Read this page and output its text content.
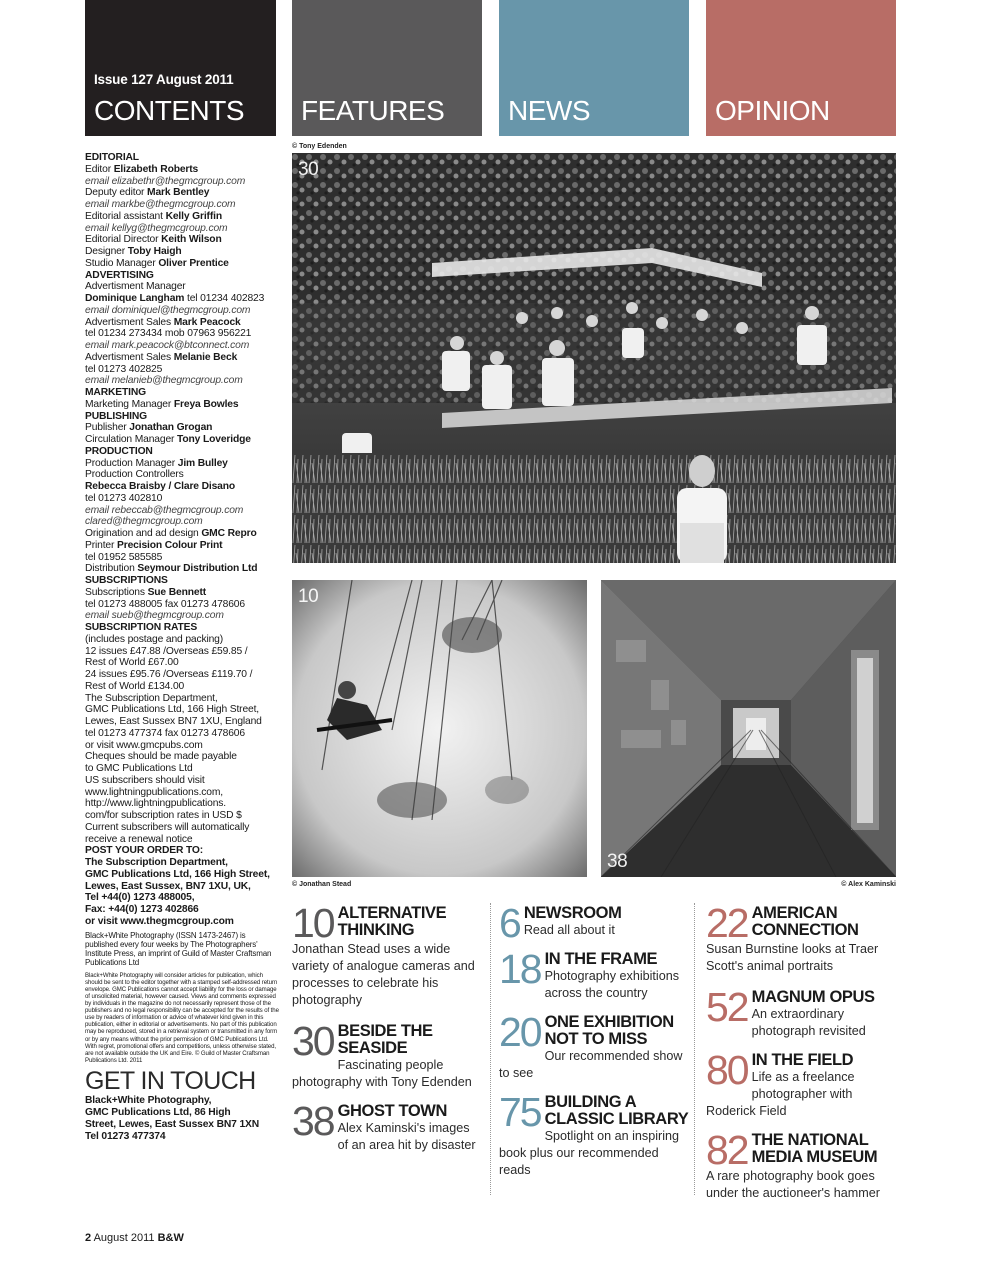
Issue 127 August 2011
CONTENTS FEATURES NEWS	OPINION
EDITORIAL
Editor Elizabeth Roberts
email elizabethr@thegmcgroup.com
Deputy editor Mark Bentley
email markbe@thegmcgroup.com
Editorial assistant Kelly Griffin
email kellyg@thegmcgroup.com
Editorial Director Keith Wilson
Designer Toby Haigh
Studio Manager Oliver Prentice
ADVERTISING
Advertisment Manager
Dominique Langham tel 01234 402823
email dominiquel@thegmcgroup.com
Advertisment Sales Mark Peacock
tel 01234 273434 mob 07963 956221
email mark.peacock@btconnect.com
Advertisment Sales Melanie Beck
tel 01273 402825
email melanieb@thegmcgroup.com
MARKETING
Marketing Manager Freya Bowles
PUBLISHING
Publisher Jonathan Grogan
Circulation Manager Tony Loveridge
PRODUCTION
Production Manager Jim Bulley
Production Controllers
Rebecca Braisby / Clare Disano
tel 01273 402810
email rebeccab@thegmcgroup.com
clared@thegmcgroup.com
Origination and ad design GMC Repro
Printer Precision Colour Print
tel 01952 585585
Distribution Seymour Distribution Ltd
SUBSCRIPTIONS
Subscriptions Sue Bennett
tel 01273 488005 fax 01273 478606
email sueb@thegmcgroup.com
SUBSCRIPTION RATES
(includes postage and packing)
12 issues £47.88 /Overseas £59.85 /
Rest of World £67.00
24 issues £95.76 /Overseas £119.70 /
Rest of World £134.00
The Subscription Department,
GMC Publications Ltd, 166 High Street,
Lewes, East Sussex BN7 1XU, England
tel 01273 477374 fax 01273 478606
or visit www.gmcpubs.com
Cheques should be made payable
to GMC Publications Ltd
US subscribers should visit
www.lightningpublications.com,
http://www.lightningpublications.
com/for subscription rates in USD $
Current subscribers will automatically
receive a renewal notice
POST YOUR ORDER TO:
The Subscription Department,
GMC Publications Ltd, 166 High Street,
Lewes, East Sussex, BN7 1XU, UK,
Tel +44(0) 1273 488005,
Fax: +44(0) 1273 402866
or visit www.thegmcgroup.com
Black+White Photography (ISSN 1473-2467) is published every four weeks by The Photographers' Institute Press, an imprint of Guild of Master Craftsman Publications Ltd
Black+White Photography will consider articles for publication, which should be sent to the editor together with a stamped self-addressed return envelope. GMC Publications cannot accept liability for the loss or damage of unsolicited material, however caused. Views and comments expressed by individuals in the magazine do not necessarily represent those of the publishers and no legal responsibility can be accepted for the results of the use by readers of information or advice of whatever kind given in this publication, either in editorial or advertisements. No part of this publication may be reproduced, stored in a retrieval system or transmitted in any form or by any means without the prior permission of GMC Publications Ltd. With regret, promotional offers and competitions, unless otherwise stated, are not available outside the UK and Eire. © Guild of Master Craftsman Publications Ltd. 2011
GET IN TOUCH
Black+White Photography,
GMC Publications Ltd, 86 High
Street, Lewes, East Sussex BN7 1XN
Tel 01273 477374
© Tony Edenden
30
10
38
© Jonathan Stead	© Alex Kaminski
10 ALTERNATIVE THINKING
Jonathan Stead uses a wide variety of analogue cameras and processes to celebrate his photography
30 BESIDE THE SEASIDE
Fascinating people photography with Tony Edenden
38 GHOST TOWN
Alex Kaminski's images of an area hit by disaster
6 NEWSROOM
Read all about it
18 IN THE FRAME
Photography exhibitions across the country
20 ONE EXHIBITION NOT TO MISS
Our recommended show to see
75 BUILDING A CLASSIC LIBRARY
Spotlight on an inspiring book plus our recommended reads
22 AMERICAN CONNECTION
Susan Burnstine looks at Traer Scott's animal portraits
52 MAGNUM OPUS
An extraordinary photograph revisited
80 IN THE FIELD
Life as a freelance photographer with Roderick Field
82 THE NATIONAL MEDIA MUSEUM
A rare photography book goes under the auctioneer's hammer
2 August 2011 B&W
